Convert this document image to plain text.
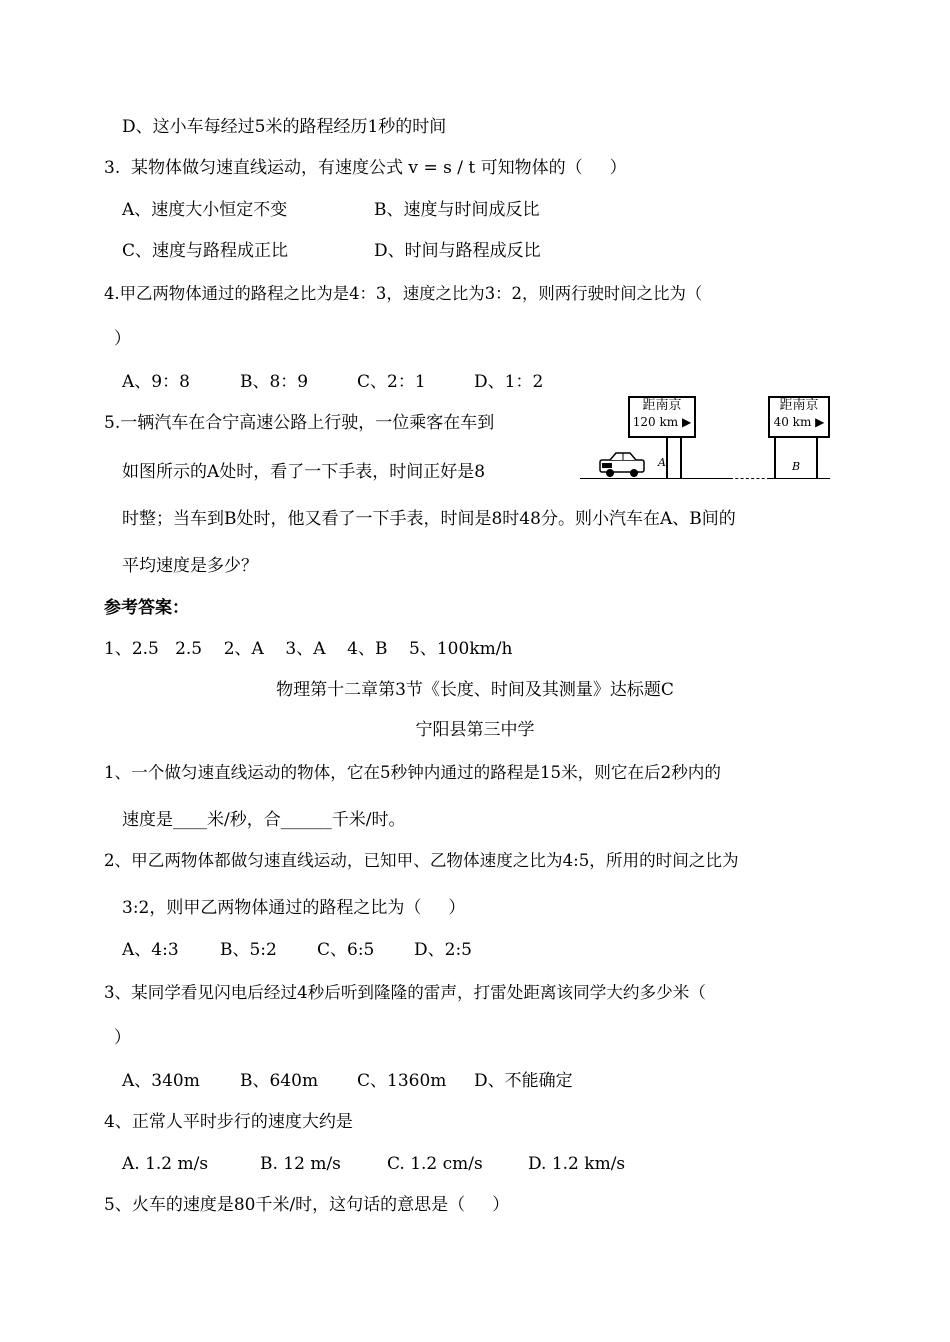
D、这小车每经过5米的路程经历1秒的时间
3.  某物体做匀速直线运动，有速度公式 v = s / t 可知物体的（     ）
A、速度大小恒定不变	B、速度与时间成反比
C、速度与路程成正比	D、时间与路程成反比
4.甲乙两物体通过的路程之比为是4：3，速度之比为3：2，则两行驶时间之比为（
）
A、9：8	B、8：9	C、2：1	D、1：2
5.一辆汽车在合宁高速公路上行驶，一位乘客在车到
如图所示的A处时，看了一下手表，时间正好是8
时整；当车到B处时，他又看了一下手表，时间是8时48分。则小汽车在A、B间的
平均速度是多少？
距南京
120 km ▶
A
距南京
40 km ▶
B
参考答案：
1、2.5   2.5    2、A    3、A    4、B    5、100km/h
物理第十二章第3节《长度、时间及其测量》达标题C
宁阳县第三中学
1、一个做匀速直线运动的物体，它在5秒钟内通过的路程是15米，则它在后2秒内的
速度是____米/秒，合______千米/时。
2、甲乙两物体都做匀速直线运动，已知甲、乙物体速度之比为4:5，所用的时间之比为
3:2，则甲乙两物体通过的路程之比为（     ）
A、4:3 B、5:2 C、6:5 D、2:5
3、某同学看见闪电后经过4秒后听到隆隆的雷声，打雷处距离该同学大约多少米（
）
A、340m B、640m C、1360m D、不能确定
4、正常人平时步行的速度大约是
A. 1.2 m/s	B. 12 m/s	C. 1.2 cm/s	D. 1.2 km/s
5、火车的速度是80千米/时，这句话的意思是（     ）
